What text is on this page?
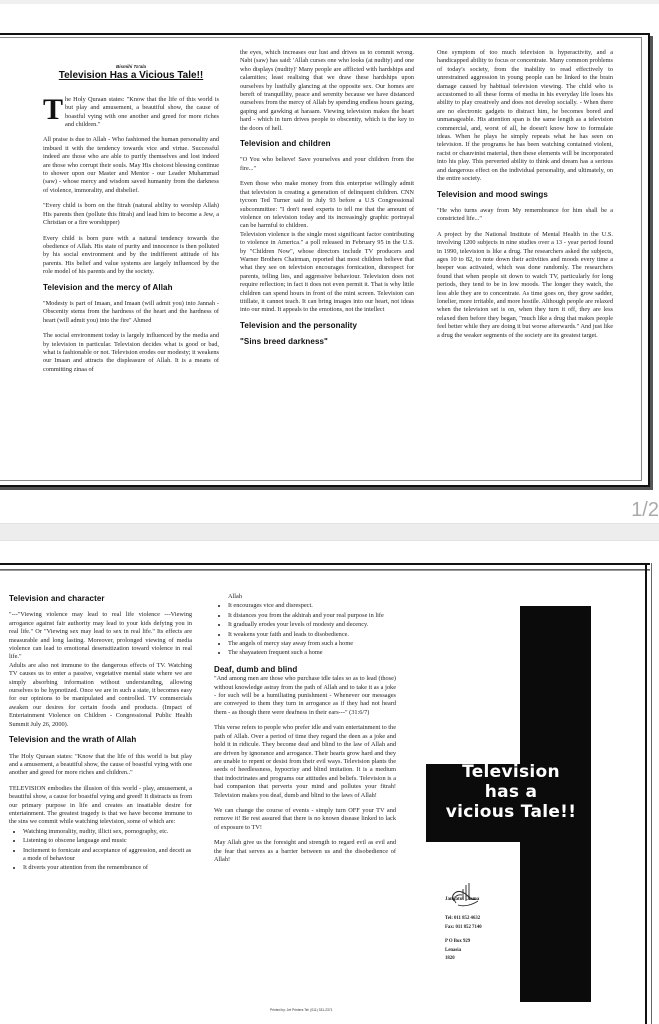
Bismihi Ta'ala
Television Has a Vicious Tale!!

The Holy Quraan states: "Know that the life of this world is but play and amusement, a beautiful show, the cause of boastful vying with one another and greed for more riches and children."

All praise is due to Allah - Who fashioned the human personality and imbued it with the tendency towards vice and virtue. Successful indeed are those who are able to purify themselves and lost indeed are those who corrupt their souls. May His choicest blessing continue to shower upon our Master and Mentor - our Leader Muhammad (saw) - whose mercy and wisdom saved humanity from the darkness of violence, immorality, and disbelief.

"Every child is born on the fitrah (natural ability to worship Allah) His parents then (pollute this fitrah) and lead him to become a Jew, a Christian or a fire worshipper)

Every child is born pure with a natural tendency towards the obedience of Allah. His state of purity and innocence is then polluted by his social environment and by the indifferent attitude of his parents. His belief and value systems are largely influenced by the role model of his parents and by the society.

Television and the mercy of Allah

"Modesty is part of Imaan, and Imaan (will admit you) into Jannah - Obscenity stems from the hardness of the heart and the hardness of heart (will admit you) into the fire" Ahmed

The social environment today is largely influenced by the media and by television in particular. Television decides what is good or bad, what is fashionable or not. Television erodes our modesty; it weakens our Imaan and attracts the displeasure of Allah. It is a means of committing zinaa of

the eyes, which increases our lust and drives us to commit wrong. Nabi (saw) has said: 'Allah curses one who looks (at nudity) and one who displays (nudity)' Many people are afflicted with hardships and calamities; least realising that we draw these hardships upon ourselves by lustfully glancing at the opposite sex. Our homes are bereft of tranquillity, peace and serenity because we have distanced ourselves from the mercy of Allah by spending endless hours gazing, gaping and gawking at haraam. Viewing television makes the heart hard - which in turn drives people to obscenity, which is the key to the doors of hell.

Television and children

"O You who believe! Save yourselves and your children from the fire..."

Even those who make money from this enterprise willingly admit that television is creating a generation of delinquent children. CNN tycoon Ted Turner said in July 93 before a U.S Congressional subcommittee: "I don't need experts to tell me that the amount of violence on television today and its increasingly graphic portrayal can be harmful to children.

Television violence is the single most significant factor contributing to violence in America." a poll released in February 95 in the U.S. by "Children Now", whose directors include TV producers and Warner Brothers Chairman, reported that most children believe that what they see on television encourages fornication, disrespect for parents, telling lies, and aggressive behaviour. Television does not require reflection; in fact it does not even permit it. That is why little children can spend hours in front of the mini screen. Television can titillate, it cannot teach. It can bring images into our heart, not ideas into our mind. It appeals to the emotions, not the intellect

Television and the personality
"Sins breed darkness"

One symptom of too much television is hyperactivity, and a handicapped ability to focus or concentrate. Many common problems of today's society, from the inability to read effectively to unrestrained aggression in young people can be linked to the brain damage caused by habitual television viewing. The child who is accustomed to all these forms of media in his everyday life loses his ability to play creatively and does not develop socially. - When there are no electronic gadgets to distract him, he becomes bored and unmanageable. His attention span is the same length as a television commercial, and, worst of all, he doesn't know how to formulate ideas. When he plays he simply repeats what he has seen on television. If the programs he has been watching contained violent, racist or chauvinist material, then these elements will be incorporated into his play. This perverted ability to think and dream has a serious and dangerous effect on the individual personality, and ultimately, on the entire society.

Television and mood swings

"He who turns away from My remembrance for him shall be a constricted life..."

A project by the National Institute of Mental Health in the U.S. involving 1200 subjects in nine studies over a 13 - year period found in 1990, television is like a drug. The researchers asked the subjects, ages 10 to 82, to note down their activities and moods every time a beeper was activated, which was done randomly. The researchers found that when people sit down to watch TV, particularly for long periods, they tend to be in low moods. The longer they watch, the less able they are to concentrate. As time goes on, they grow sadder, lonelier, more irritable, and more hostile. Although people are relaxed when the television set is on, when they turn it off, they are less relaxed then before they began, "much like a drug that makes people feel better while they are doing it but worse afterwards." And just like a drug the weaker segments of the society are its greatest target.

1/2
Television and character

"---"Viewing violence may lead to real life violence ---Viewing arrogance against fair authority may lead to your kids defying you in real life." Or "Viewing sex may lead to sex in real life." Its effects are measurable and long lasting. Moreover, prolonged viewing of media violence can lead to emotional desensitization toward violence in real life."

Adults are also not immune to the dangerous effects of TV. Watching TV causes us to enter a passive, vegetative mental state where we are simply absorbing information without understanding, allowing ourselves to be hypnotized. Once we are in such a state, it becomes easy for our opinions to be manipulated and controlled. TV commercials awaken our desires for certain foods and products. (Impact of Entertainment Violence on Children - Congressional Public Health Summit July 26, 2000).

Television and the wrath of Allah

The Holy Quraan states: "Know that the life of this world is but play and a amusement, a beautiful show, the cause of boastful vying with one another and greed for more riches and children.."

TELEVISION embodies the illusion of this world - play, amusement, a beautiful show, a cause for boastful vying and greed! It distracts us from our primary purpose in life and creates an insatiable desire for entertainment. The greatest tragedy is that we have become immune to the sins we commit while watching television, some of which are:

• Watching immorality, nudity, illicit sex, pornography, etc.
• Listening to obscene language and music
• Incitement to fornicate and acceptance of aggression, and deceit as a mode of behaviour
• It diverts your attention from the remembrance of

Allah

• It encourages vice and disrespect.
• It distances you from the akhirah and your real purpose in life
• It gradually erodes your levels of modesty and decency.
• It weakens your faith and leads to disobedience.
• The angels of mercy stay away from such a home
• The shayaateen frequent such a home
Deaf, dumb and blind

"And among men are those who purchase idle tales so as to lead (those) without knowledge astray from the path of Allah and to take it as a joke - for such will be a humiliating punishment - Whenever our messages are conveyed to them they turn in arrogance as if they had not heard them - as though there were deafness in their ears---" (31:6/7)

This verse refers to people who prefer idle and vain entertainment to the path of Allah. Over a period of time they regard the deen as a joke and hold it in ridicule. They become deaf and blind to the law of Allah and are driven by ignorance and arrogance. Their hearts grow hard and they are unable to repent or desist from their evil ways. Television plants the seeds of heedlessness, hypocrisy and blind imitation. It is a medium that indoctrinates and programs our attitudes and beliefs. Television is a bad companion that perverts your mind and pollutes your fitrah! Television makes you deaf, dumb and blind to the laws of Allah!

We can change the course of events - simply turn OFF your TV and remove it! Be rest assured that there is no known disease linked to lack of exposure to TV!

May Allah give us the foresight and strength to regard evil as evil and the fear that serves as a barrier between us and the disobedience of Allah!

Printed by: Jet Printers Tel: (011) 331-2371
Television
has a
vicious Tale!!
Jamiatul Ulama
Tel: 011 852 4632
Fax: 011 852 7140
P O Box 929
Lenasia
1820
